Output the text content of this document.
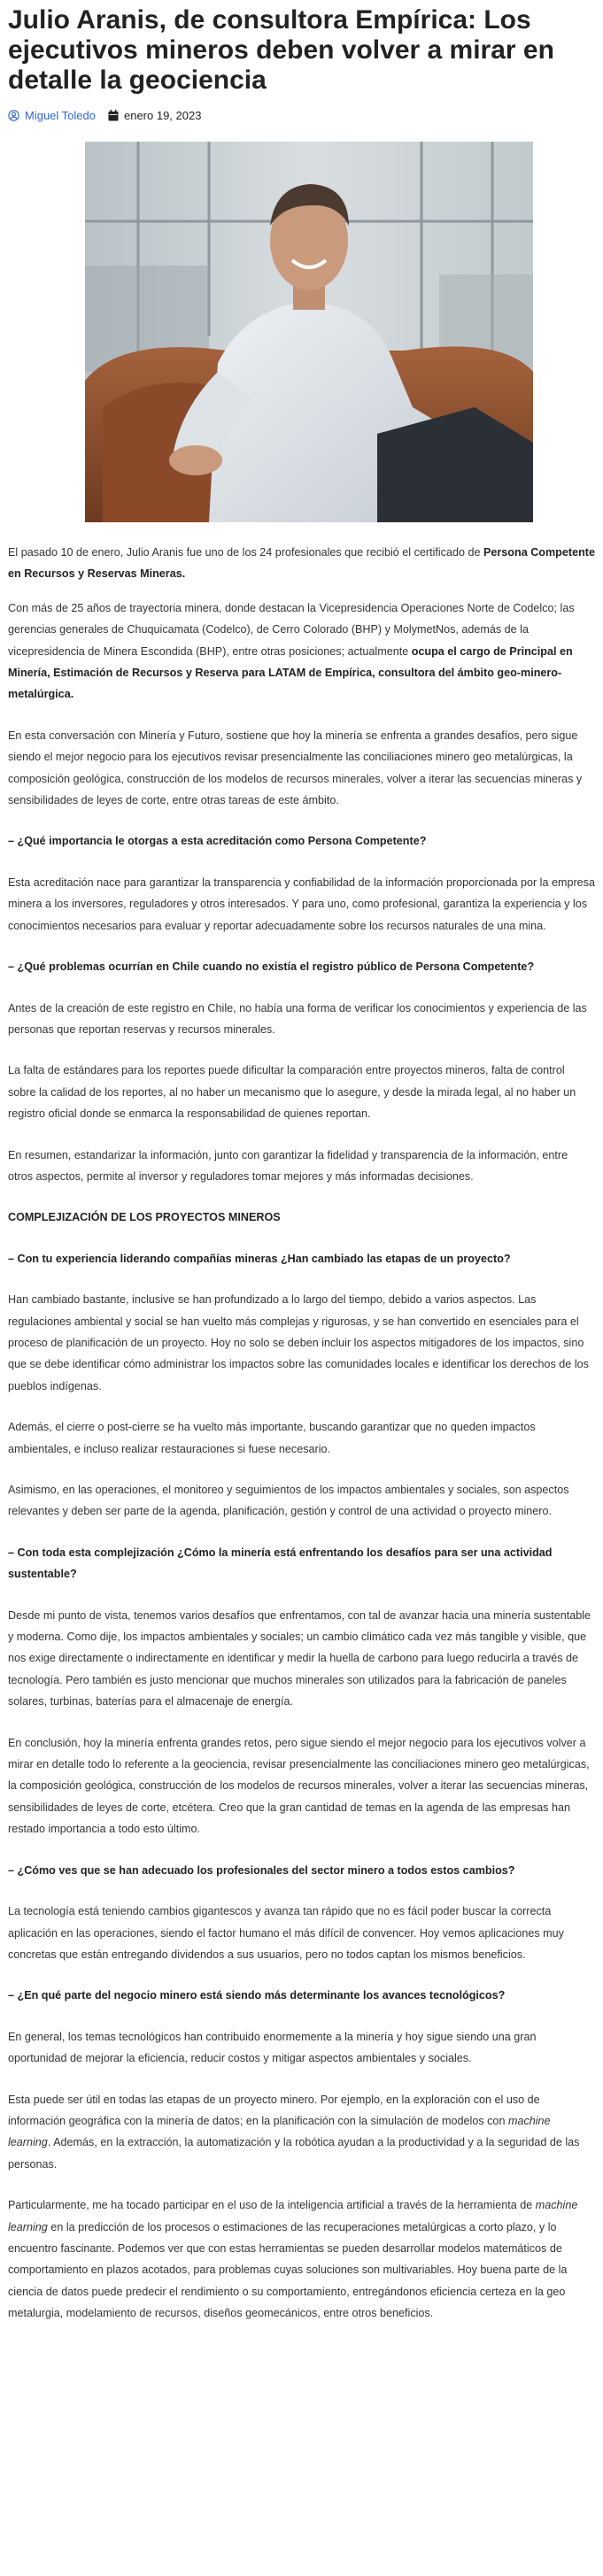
Julio Aranis, de consultora Empírica: Los ejecutivos mineros deben volver a mirar en detalle la geociencia
Miguel Toledo enero 19, 2023

El pasado 10 de enero, Julio Aranis fue uno de los 24 profesionales que recibió el certificado de Persona Competente en Recursos y Reservas Mineras.

Con más de 25 años de trayectoria minera, donde destacan la Vicepresidencia Operaciones Norte de Codelco; las gerencias generales de Chuquicamata (Codelco), de Cerro Colorado (BHP) y MolymetNos, además de la vicepresidencia de Minera Escondida (BHP), entre otras posiciones; actualmente ocupa el cargo de Principal en Minería, Estimación de Recursos y Reserva para LATAM de Empírica, consultora del ámbito geo-minero-metalúrgica.

En esta conversación con Minería y Futuro, sostiene que hoy la minería se enfrenta a grandes desafíos, pero sigue siendo el mejor negocio para los ejecutivos revisar presencialmente las conciliaciones minero geo metalúrgicas, la composición geológica, construcción de los modelos de recursos minerales, volver a iterar las secuencias mineras y sensibilidades de leyes de corte, entre otras tareas de este ámbito.

– ¿Qué importancia le otorgas a esta acreditación como Persona Competente?

Esta acreditación nace para garantizar la transparencia y confiabilidad de la información proporcionada por la empresa minera a los inversores, reguladores y otros interesados. Y para uno, como profesional, garantiza la experiencia y los conocimientos necesarios para evaluar y reportar adecuadamente sobre los recursos naturales de una mina.

– ¿Qué problemas ocurrían en Chile cuando no existía el registro público de Persona Competente?

Antes de la creación de este registro en Chile, no había una forma de verificar los conocimientos y experiencia de las personas que reportan reservas y recursos minerales.

La falta de estándares para los reportes puede dificultar la comparación entre proyectos mineros, falta de control sobre la calidad de los reportes, al no haber un mecanismo que lo asegure, y desde la mirada legal, al no haber un registro oficial donde se enmarca la responsabilidad de quienes reportan.

En resumen, estandarizar la información, junto con garantizar la fidelidad y transparencia de la información, entre otros aspectos, permite al inversor y reguladores tomar mejores y más informadas decisiones.

COMPLEJIZACIÓN DE LOS PROYECTOS MINEROS

– Con tu experiencia liderando compañías mineras ¿Han cambiado las etapas de un proyecto?

Han cambiado bastante, inclusive se han profundizado a lo largo del tiempo, debido a varios aspectos. Las regulaciones ambiental y social se han vuelto más complejas y rigurosas, y se han convertido en esenciales para el proceso de planificación de un proyecto. Hoy no solo se deben incluir los aspectos mitigadores de los impactos, sino que se debe identificar cómo administrar los impactos sobre las comunidades locales e identificar los derechos de los pueblos indígenas.

Además, el cierre o post-cierre se ha vuelto más importante, buscando garantizar que no queden impactos ambientales, e incluso realizar restauraciones si fuese necesario.

Asimismo, en las operaciones, el monitoreo y seguimientos de los impactos ambientales y sociales, son aspectos relevantes y deben ser parte de la agenda, planificación, gestión y control de una actividad o proyecto minero.

– Con toda esta complejización ¿Cómo la minería está enfrentando los desafíos para ser una actividad sustentable?

Desde mi punto de vista, tenemos varios desafíos que enfrentamos, con tal de avanzar hacia una minería sustentable y moderna. Como dije, los impactos ambientales y sociales; un cambio climático cada vez más tangible y visible, que nos exige directamente o indirectamente en identificar y medir la huella de carbono para luego reducirla a través de tecnología. Pero también es justo mencionar que muchos minerales son utilizados para la fabricación de paneles solares, turbinas, baterías para el almacenaje de energía.

En conclusión, hoy la minería enfrenta grandes retos, pero sigue siendo el mejor negocio para los ejecutivos volver a mirar en detalle todo lo referente a la geociencia, revisar presencialmente las conciliaciones minero geo metalúrgicas, la composición geológica, construcción de los modelos de recursos minerales, volver a iterar las secuencias mineras, sensibilidades de leyes de corte, etcétera. Creo que la gran cantidad de temas en la agenda de las empresas han restado importancia a todo esto último.

– ¿Cómo ves que se han adecuado los profesionales del sector minero a todos estos cambios?

La tecnología está teniendo cambios gigantescos y avanza tan rápido que no es fácil poder buscar la correcta aplicación en las operaciones, siendo el factor humano el más difícil de convencer. Hoy vemos aplicaciones muy concretas que están entregando dividendos a sus usuarios, pero no todos captan los mismos beneficios.

– ¿En qué parte del negocio minero está siendo más determinante los avances tecnológicos?

En general, los temas tecnológicos han contribuido enormemente a la minería y hoy sigue siendo una gran oportunidad de mejorar la eficiencia, reducir costos y mitigar aspectos ambientales y sociales.

Esta puede ser útil en todas las etapas de un proyecto minero. Por ejemplo, en la exploración con el uso de información geográfica con la minería de datos; en la planificación con la simulación de modelos con machine learning. Además, en la extracción, la automatización y la robótica ayudan a la productividad y a la seguridad de las personas.

Particularmente, me ha tocado participar en el uso de la inteligencia artificial a través de la herramienta de machine learning en la predicción de los procesos o estimaciones de las recuperaciones metalúrgicas a corto plazo, y lo encuentro fascinante. Podemos ver que con estas herramientas se pueden desarrollar modelos matemáticos de comportamiento en plazos acotados, para problemas cuyas soluciones son multivariables. Hoy buena parte de la ciencia de datos puede predecir el rendimiento o su comportamiento, entregándonos eficiencia certeza en la geo metalurgia, modelamiento de recursos, diseños geomecánicos, entre otros beneficios.
